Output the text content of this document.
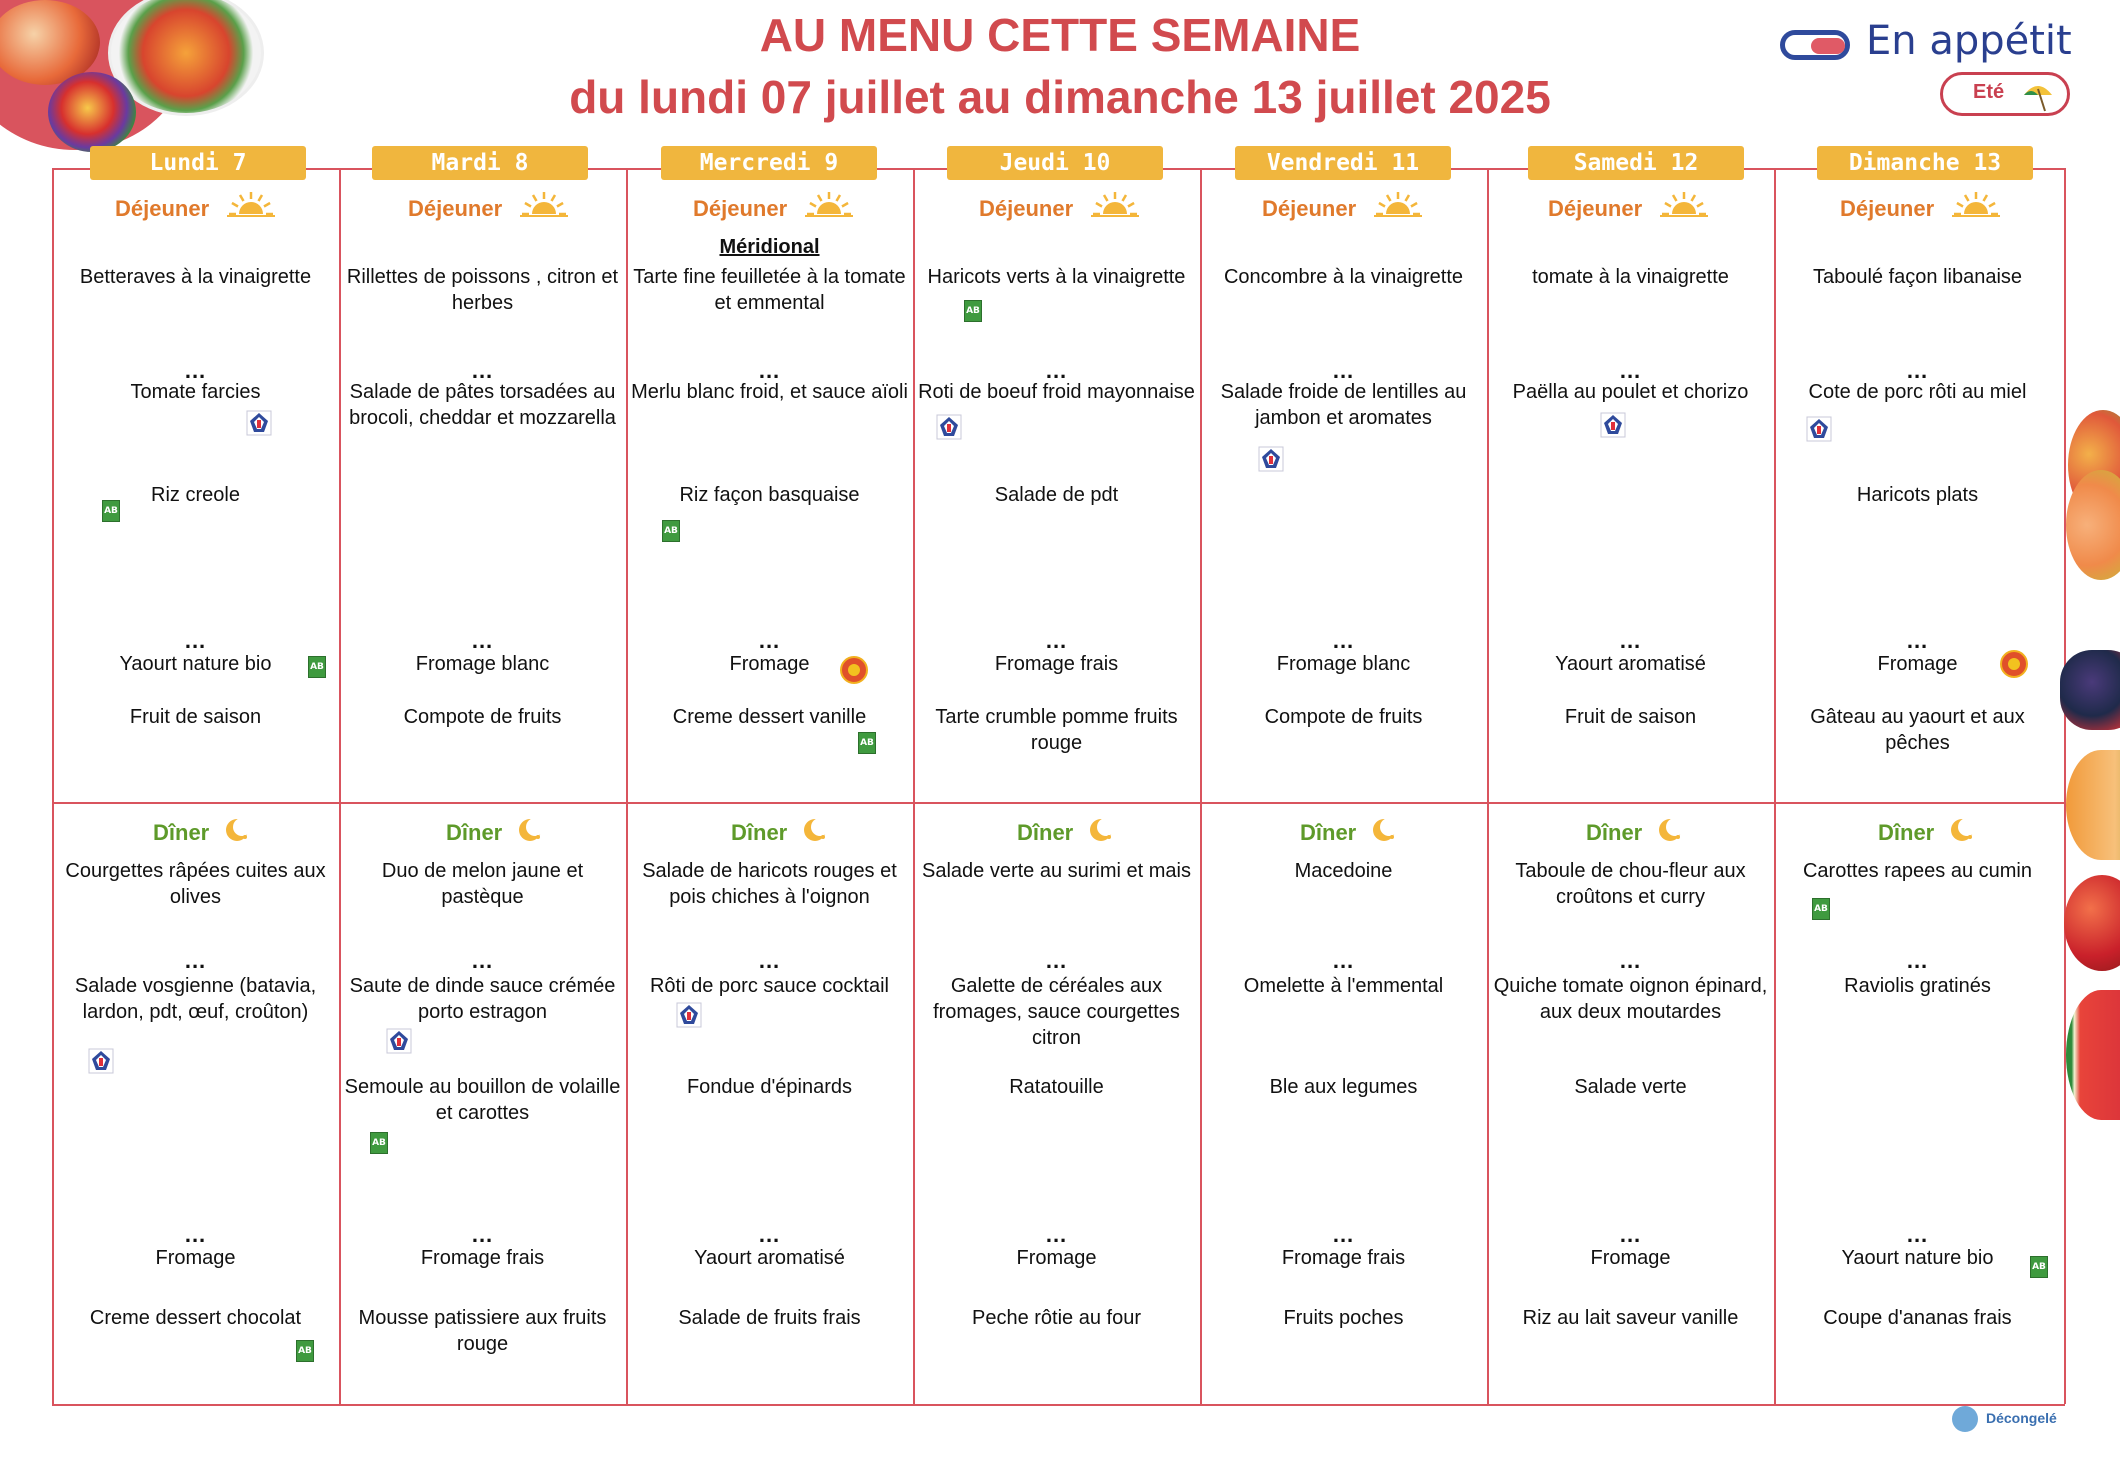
AU MENU CETTE SEMAINE
du lundi 07 juillet au dimanche 13 juillet 2025
En appétit
Eté
Lundi 7
Déjeuner
Betteraves à la vinaigrette
...
Tomate farcies
Riz creole
...
Yaourt nature bio
Fruit de saison
Dîner
Courgettes râpées cuites aux olives
...
Salade vosgienne (batavia, lardon, pdt, œuf, croûton)
...
Fromage
Creme dessert chocolat
Mardi 8
Déjeuner
Rillettes de poissons , citron et herbes
...
Salade de pâtes torsadées au brocoli, cheddar et mozzarella
...
Fromage blanc
Compote de fruits
Dîner
Duo de melon jaune et pastèque
...
Saute de dinde sauce crémée porto estragon
Semoule au bouillon de volaille et carottes
...
Fromage frais
Mousse patissiere aux fruits rouge
Mercredi 9
Déjeuner
Méridional
Tarte fine feuilletée à la tomate et emmental
...
Merlu blanc froid, et sauce aïoli
Riz façon basquaise
...
Fromage
Creme dessert vanille
Dîner
Salade de haricots rouges et pois chiches à l'oignon
...
Rôti de porc sauce cocktail
Fondue d'épinards
...
Yaourt aromatisé
Salade de fruits frais
Jeudi 10
Déjeuner
Haricots verts à la vinaigrette
...
Roti de boeuf froid mayonnaise
Salade de pdt
...
Fromage frais
Tarte crumble pomme fruits rouge
Dîner
Salade verte au surimi et mais
...
Galette de céréales aux fromages, sauce courgettes citron
Ratatouille
...
Fromage
Peche rôtie au four
Vendredi 11
Déjeuner
Concombre à la vinaigrette
...
Salade froide de lentilles au jambon et aromates
...
Fromage blanc
Compote de fruits
Dîner
Macedoine
...
Omelette à l'emmental
Ble aux legumes
...
Fromage frais
Fruits poches
Samedi 12
Déjeuner
tomate à la vinaigrette
...
Paëlla au poulet et chorizo
...
Yaourt aromatisé
Fruit de saison
Dîner
Taboule de chou-fleur aux croûtons et curry
...
Quiche tomate oignon épinard, aux deux moutardes
Salade verte
...
Fromage
Riz au lait saveur vanille
Dimanche 13
Déjeuner
Taboulé façon libanaise
...
Cote de porc rôti au miel
Haricots plats
...
Fromage
Gâteau au yaourt et aux pêches
Dîner
Carottes rapees au cumin
...
Raviolis gratinés
...
Yaourt nature bio
Coupe d'ananas frais
AB
AB
AB
AB
AB
AB
AB
AB
AB
Décongelé
